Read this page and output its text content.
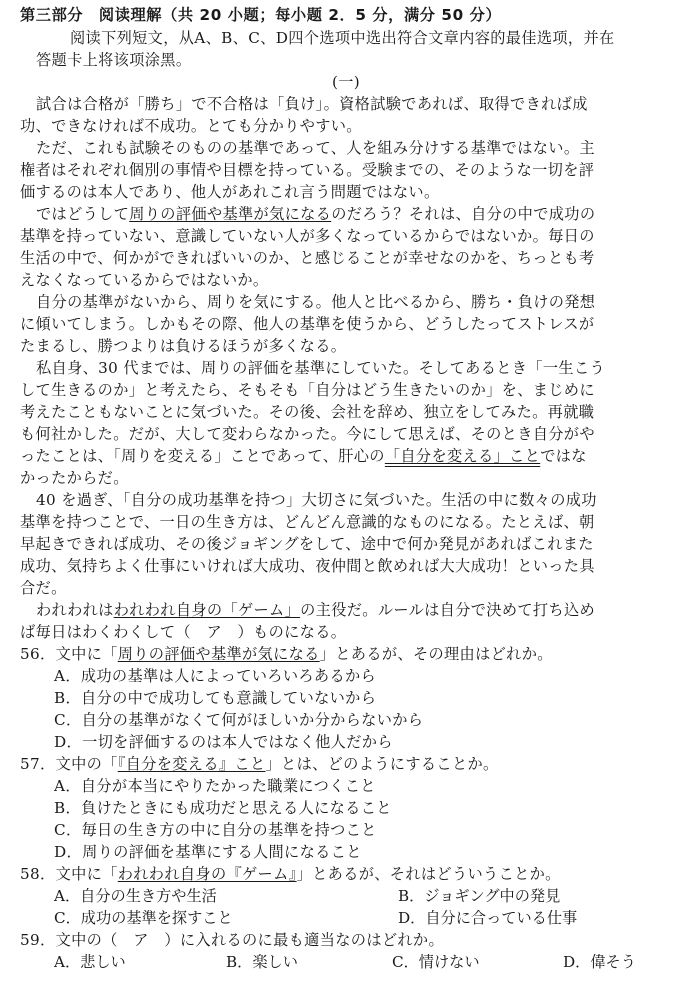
第三部分　阅读理解（共 20 小题；每小题 2．5 分，满分 50 分）
阅读下列短文，从A、B、C、D四个选项中选出符合文章内容的最佳选项，并在
答题卡上将该项涂黑。
(一)
試合は合格が「勝ち」で不合格は「負け」。資格試験であれば、取得できれば成
功、できなければ不成功。とても分かりやすい。
ただ、これも試験そのものの基準であって、人を組み分けする基準ではない。主
権者はそれぞれ個別の事情や目標を持っている。受験までの、そのような一切を評
価するのは本人であり、他人があれこれ言う問題ではない。
ではどうして周りの評価や基準が気になるのだろう？それは、自分の中で成功の
基準を持っていない、意識していない人が多くなっているからではないか。毎日の
生活の中で、何かができればいいのか、と感じることが幸せなのかを、ちっとも考
えなくなっているからではないか。
自分の基準がないから、周りを気にする。他人と比べるから、勝ち・負けの発想
に傾いてしまう。しかもその際、他人の基準を使うから、どうしたってストレスが
たまるし、勝つよりは負けるほうが多くなる。
私自身、30 代までは、周りの評価を基準にしていた。そしてあるとき「一生こう
して生きるのか」と考えたら、そもそも「自分はどう生きたいのか」を、まじめに
考えたこともないことに気づいた。その後、会社を辞め、独立をしてみた。再就職
も何社かした。だが、大して変わらなかった。今にして思えば、そのとき自分がや
ったことは、「周りを変える」ことであって、肝心の「自分を変える」ことではな
かったからだ。
40 を過ぎ、「自分の成功基準を持つ」大切さに気づいた。生活の中に数々の成功
基準を持つことで、一日の生き方は、どんどん意識的なものになる。たとえば、朝
早起きできれば成功、その後ジョギングをして、途中で何か発見があればこれまた
成功、気持ちよく仕事にいければ大成功、夜仲間と飲めれば大大成功！といった具
合だ。
われわれはわれわれ自身の「ゲーム」の主役だ。ルールは自分で決めて打ち込め
ば毎日はわくわくして（　ア　）ものになる。
56．文中に「周りの評価や基準が気になる」とあるが、その理由はどれか。
A．成功の基準は人によっていろいろあるから
B．自分の中で成功しても意識していないから
C．自分の基準がなくて何がほしいか分からないから
D．一切を評価するのは本人ではなく他人だから
57．文中の「『自分を変える』こと」とは、どのようにすることか。
A．自分が本当にやりたかった職業につくこと
B．負けたときにも成功だと思える人になること
C．毎日の生き方の中に自分の基準を持つこと
D．周りの評価を基準にする人間になること
58．文中に「われわれ自身の『ゲーム』」とあるが、それはどういうことか。
A．自分の生き方や生活	B．ジョギング中の発見
C．成功の基準を探すこと	D．自分に合っている仕事
59．文中の（　ア　）に入れるのに最も適当なのはどれか。
A．悲しい	B．楽しい	C．情けない	D．偉そう
